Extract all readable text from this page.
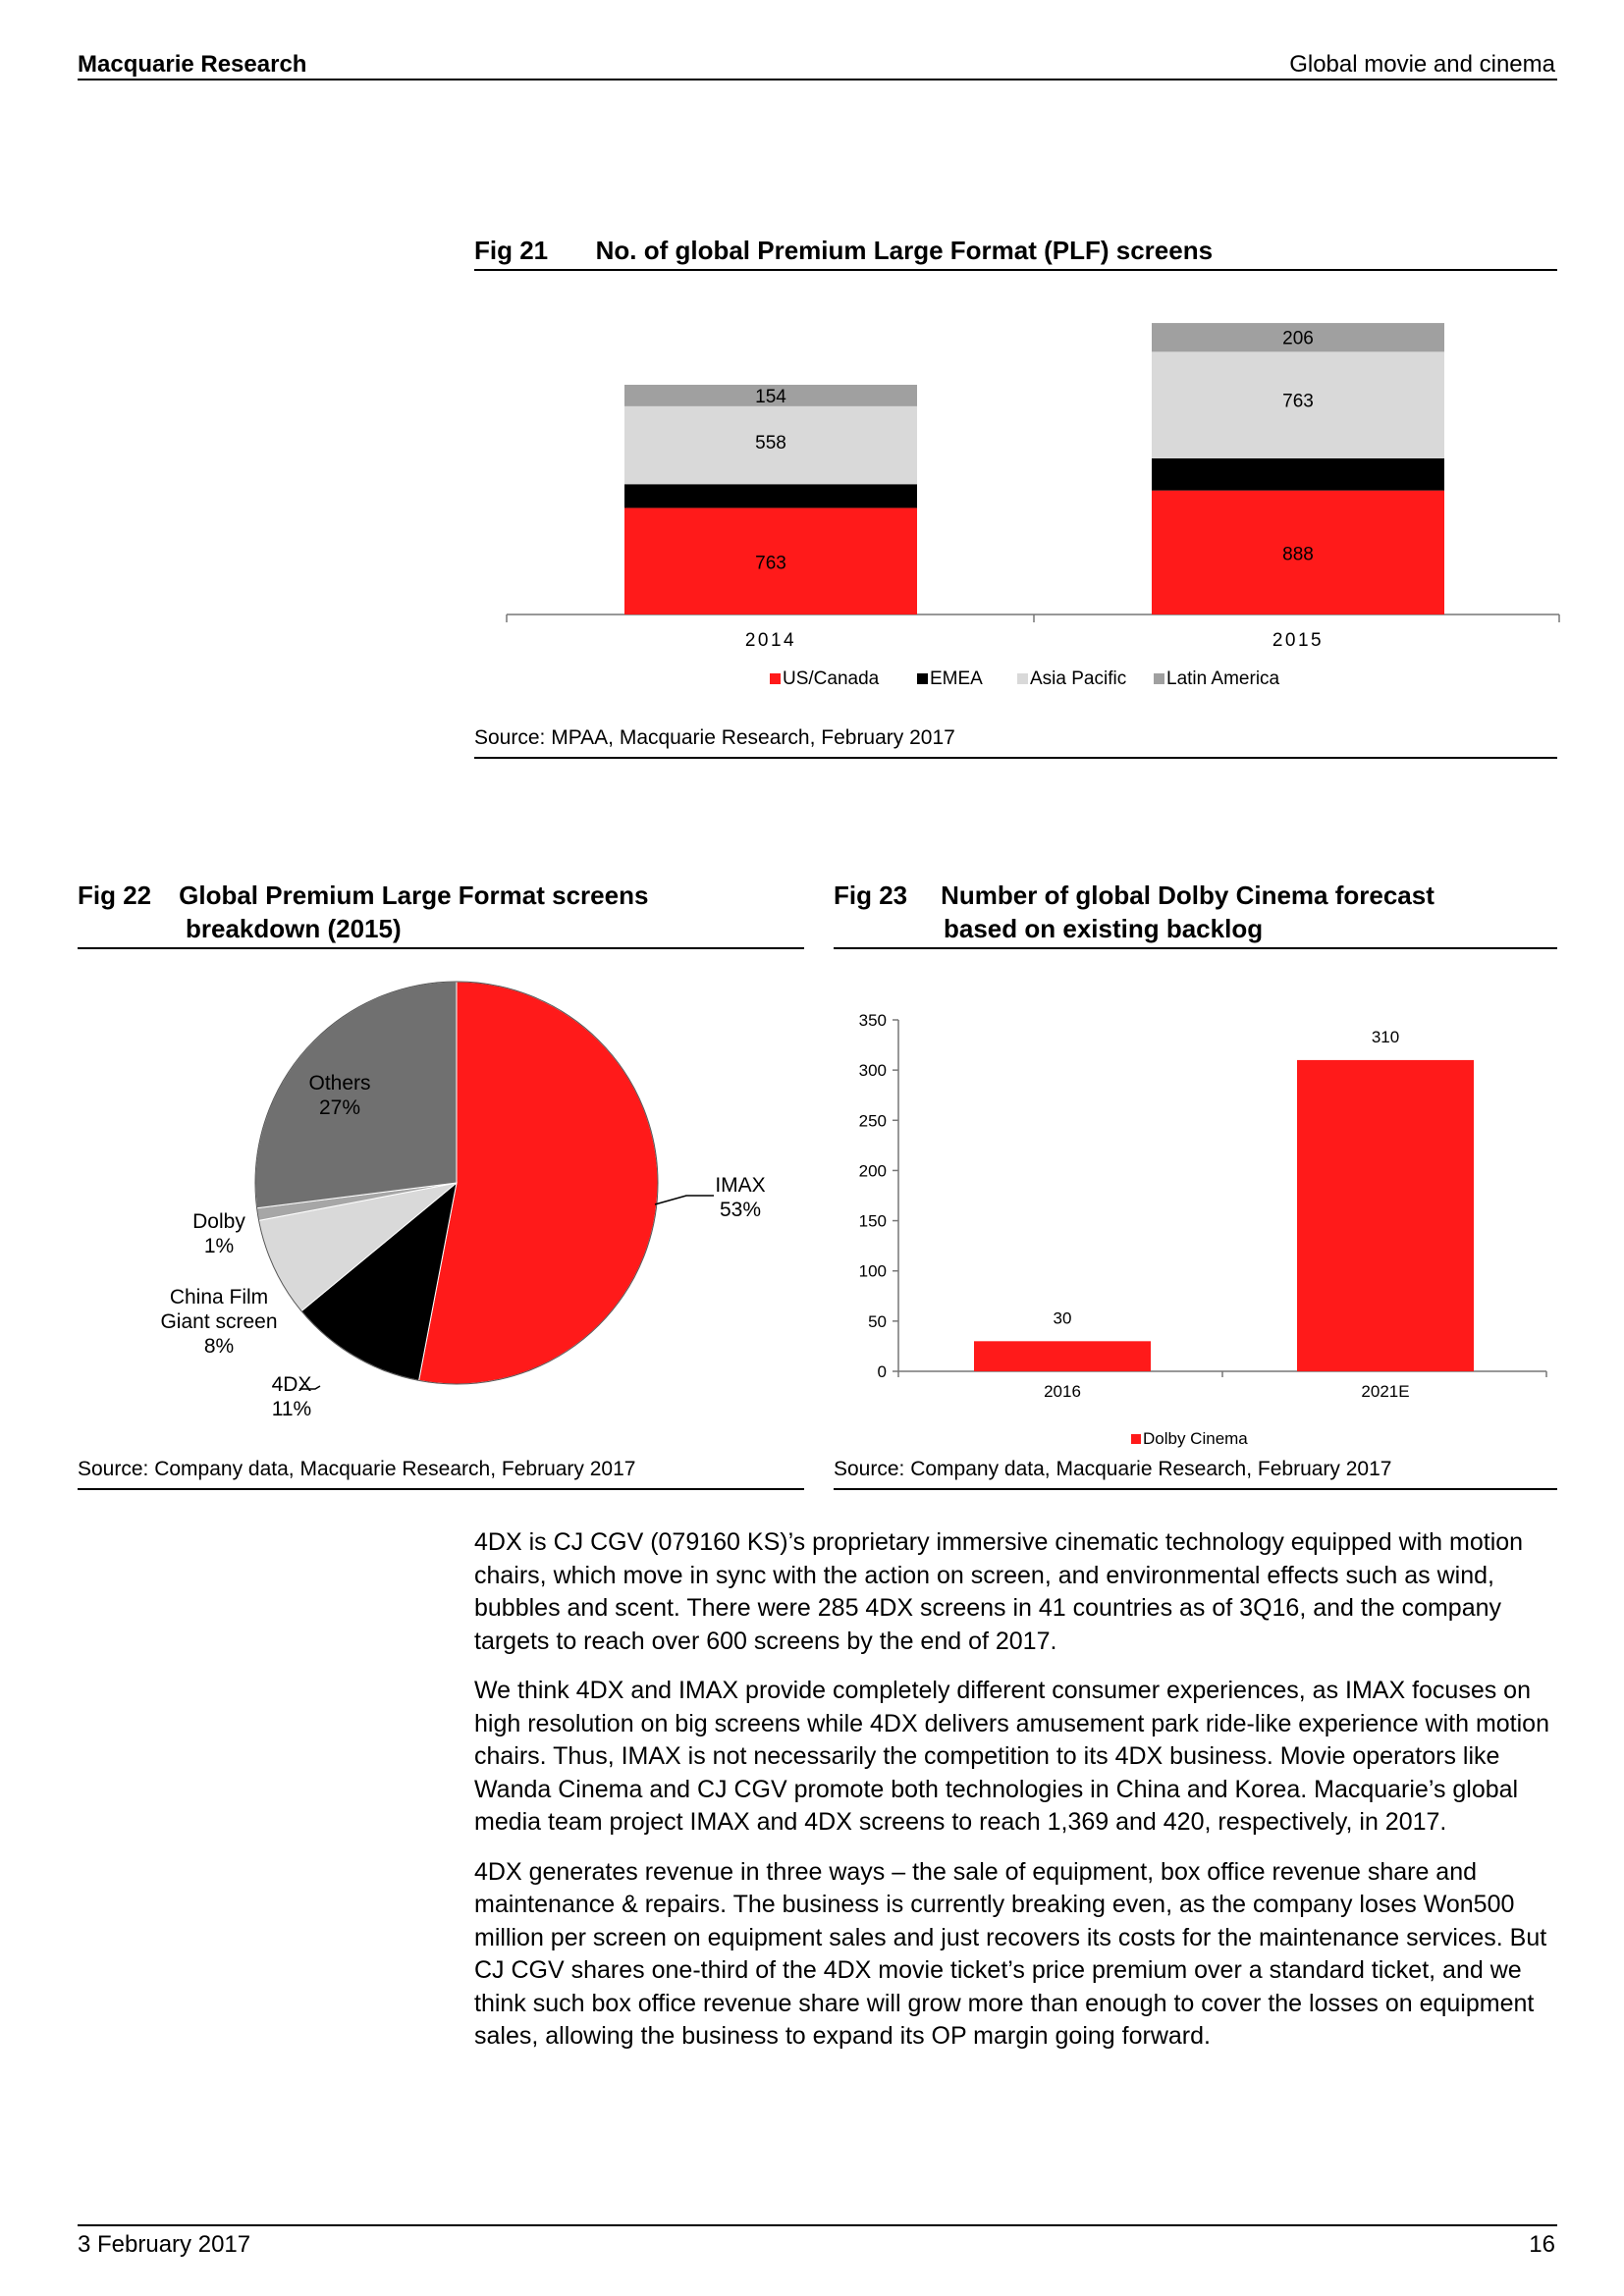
Macquarie Research	Global movie and cinema
Fig 21 No. of global Premium Large Format (PLF) screens
763
558
154
2014
888
763
206
2015
US/Canada	EMEA	Asia Pacific Latin America
Source: MPAA, Macquarie Research, February 2017
Fig 22 Global Premium Large Format screens
breakdown (2015)
IMAX 53%
4DX 11%
China Film Giant screen 8%
Dolby 1%
Others 27%
Source: Company data, Macquarie Research, February 2017
Fig 23 Number of global Dolby Cinema forecast
based on existing backlog
0
50
100
150
200
250
300
350
30
2016
310
2021E
Dolby Cinema
Source: Company data, Macquarie Research, February 2017

4DX is CJ CGV (079160 KS)’s proprietary immersive cinematic technology equipped with motion chairs, which move in sync with the action on screen, and environmental effects such as wind, bubbles and scent. There were 285 4DX screens in 41 countries as of 3Q16, and the company targets to reach over 600 screens by the end of 2017.

We think 4DX and IMAX provide completely different consumer experiences, as IMAX focuses on high resolution on big screens while 4DX delivers amusement park ride-like experience with motion chairs. Thus, IMAX is not necessarily the competition to its 4DX business. Movie operators like Wanda Cinema and CJ CGV promote both technologies in China and Korea. Macquarie’s global media team project IMAX and 4DX screens to reach 1,369 and 420, respectively, in 2017.

4DX generates revenue in three ways – the sale of equipment, box office revenue share and maintenance & repairs. The business is currently breaking even, as the company loses Won500 million per screen on equipment sales and just recovers its costs for the maintenance services. But CJ CGV shares one-third of the 4DX movie ticket’s price premium over a standard ticket, and we think such box office revenue share will grow more than enough to cover the losses on equipment sales, allowing the business to expand its OP margin going forward.

3 February 2017	16
